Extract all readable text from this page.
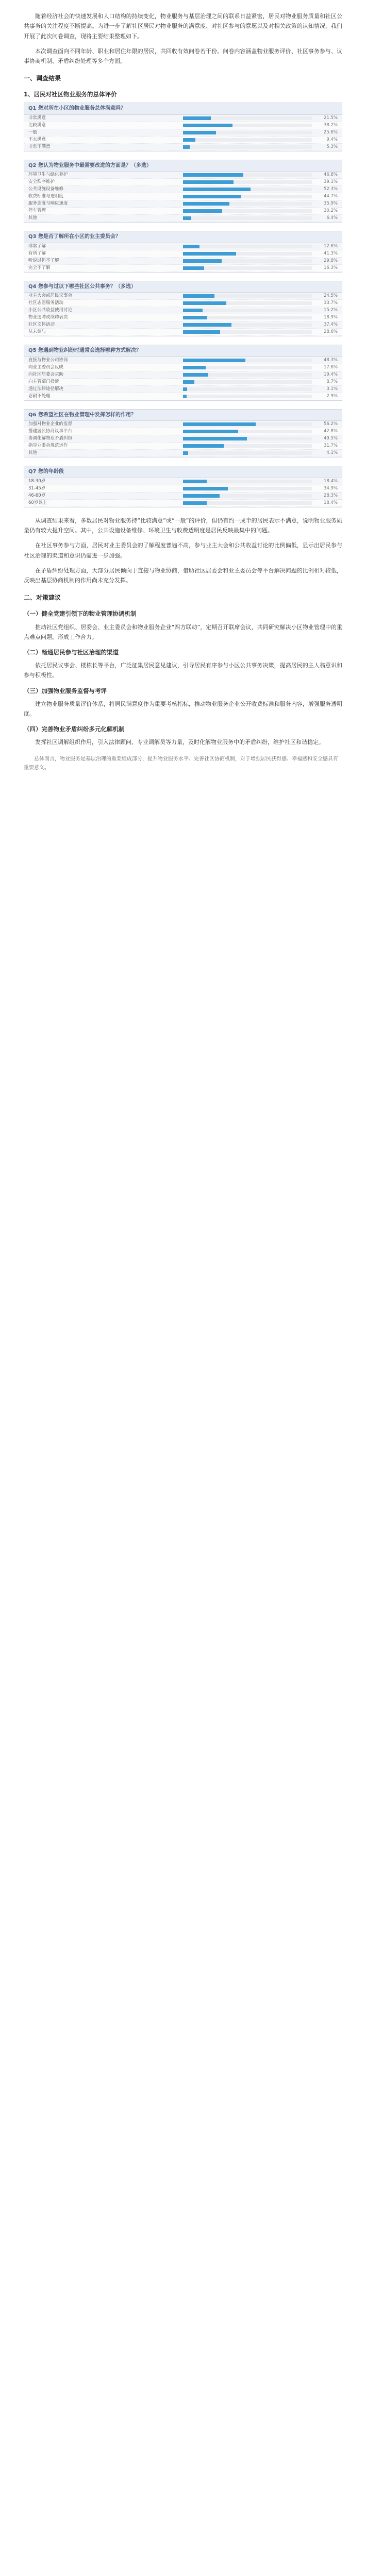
随着经济社会的快速发展和人口结构的持续变化，物业服务与基层治理之间的联系日益紧密，居民对物业服务质量和社区公共事务的关注程度不断提高。为进一步了解社区居民对物业服务的满意度、对社区参与的意愿以及对相关政策的认知情况，我们开展了此次问卷调查，现将主要结果整理如下。

本次调查面向不同年龄、职业和居住年限的居民，共回收有效问卷若干份。问卷内容涵盖物业服务评价、社区事务参与、议事协商机制、矛盾纠纷处理等多个方面。

一、调查结果
1、居民对社区物业服务的总体评价
Q1 您对所在小区的物业服务总体满意吗？
非常满意	21.5%
比较满意	38.2%
一般	25.6%
不太满意	9.4%
非常不满意	5.3%
Q2 您认为物业服务中最需要改进的方面是？（多选）
环境卫生与绿化养护	46.8%
安全秩序维护	39.1%
公共设施设备维修	52.3%
收费标准与透明度	44.7%
服务态度与响应速度	35.9%
停车管理	30.2%
其他	6.4%
Q3 您是否了解所在小区的业主委员会？
非常了解	12.6%
有所了解	41.3%
听说过但不了解	29.8%
完全不了解	16.3%
Q4 您参与过以下哪些社区公共事务？（多选）
业主大会或居民议事会	24.5%
社区志愿服务活动	33.7%
小区公共收益使用讨论	15.2%
物业选聘或续聘表决	18.9%
社区文体活动	37.4%
从未参与	28.6%
Q5 您遇到物业纠纷时通常会选择哪种方式解决？
直接与物业公司协商	48.3%
向业主委员会反映	17.6%
向社区居委会求助	19.4%
向主管部门投诉	8.7%
通过法律途径解决	3.1%
忍耐不处理	2.9%
Q6 您希望社区在物业管理中发挥怎样的作用？
加强对物业企业的监督	56.2%
搭建居民协商议事平台	42.8%
协调化解物业矛盾纠纷	49.5%
指导业委会规范运作	31.7%
其他	4.1%
Q7 您的年龄段
18-30岁	18.4%
31-45岁	34.9%
46-60岁	28.3%
60岁以上	18.4%

从调查结果来看，多数居民对物业服务持“比较满意”或“一般”的评价，但仍有约一成半的居民表示不满意，说明物业服务质量仍有较大提升空间。其中，公共设施设备维修、环境卫生与收费透明度是居民反映最集中的问题。

在社区事务参与方面，居民对业主委员会的了解程度普遍不高，参与业主大会和公共收益讨论的比例偏低，显示出居民参与社区治理的渠道和意识仍需进一步加强。

在矛盾纠纷处理方面，大部分居民倾向于直接与物业协商，借助社区居委会和业主委员会等平台解决问题的比例相对较低，反映出基层协商机制的作用尚未充分发挥。

二、对策建议
（一）健全党建引领下的物业管理协调机制

推动社区党组织、居委会、业主委员会和物业服务企业“四方联动”，定期召开联席会议，共同研究解决小区物业管理中的重点难点问题，形成工作合力。

（二）畅通居民参与社区治理的渠道

依托居民议事会、楼栋长等平台，广泛征集居民意见建议，引导居民有序参与小区公共事务决策，提高居民的主人翁意识和参与积极性。

（三）加强物业服务监督与考评

建立物业服务质量评价体系，将居民满意度作为重要考核指标，推动物业服务企业公开收费标准和服务内容，增强服务透明度。

（四）完善物业矛盾纠纷多元化解机制

发挥社区调解组织作用，引入法律顾问、专业调解员等力量，及时化解物业服务中的矛盾纠纷，维护社区和谐稳定。

总体而言，物业服务是基层治理的重要组成部分，提升物业服务水平、完善社区协商机制，对于增强居民获得感、幸福感和安全感具有重要意义。
